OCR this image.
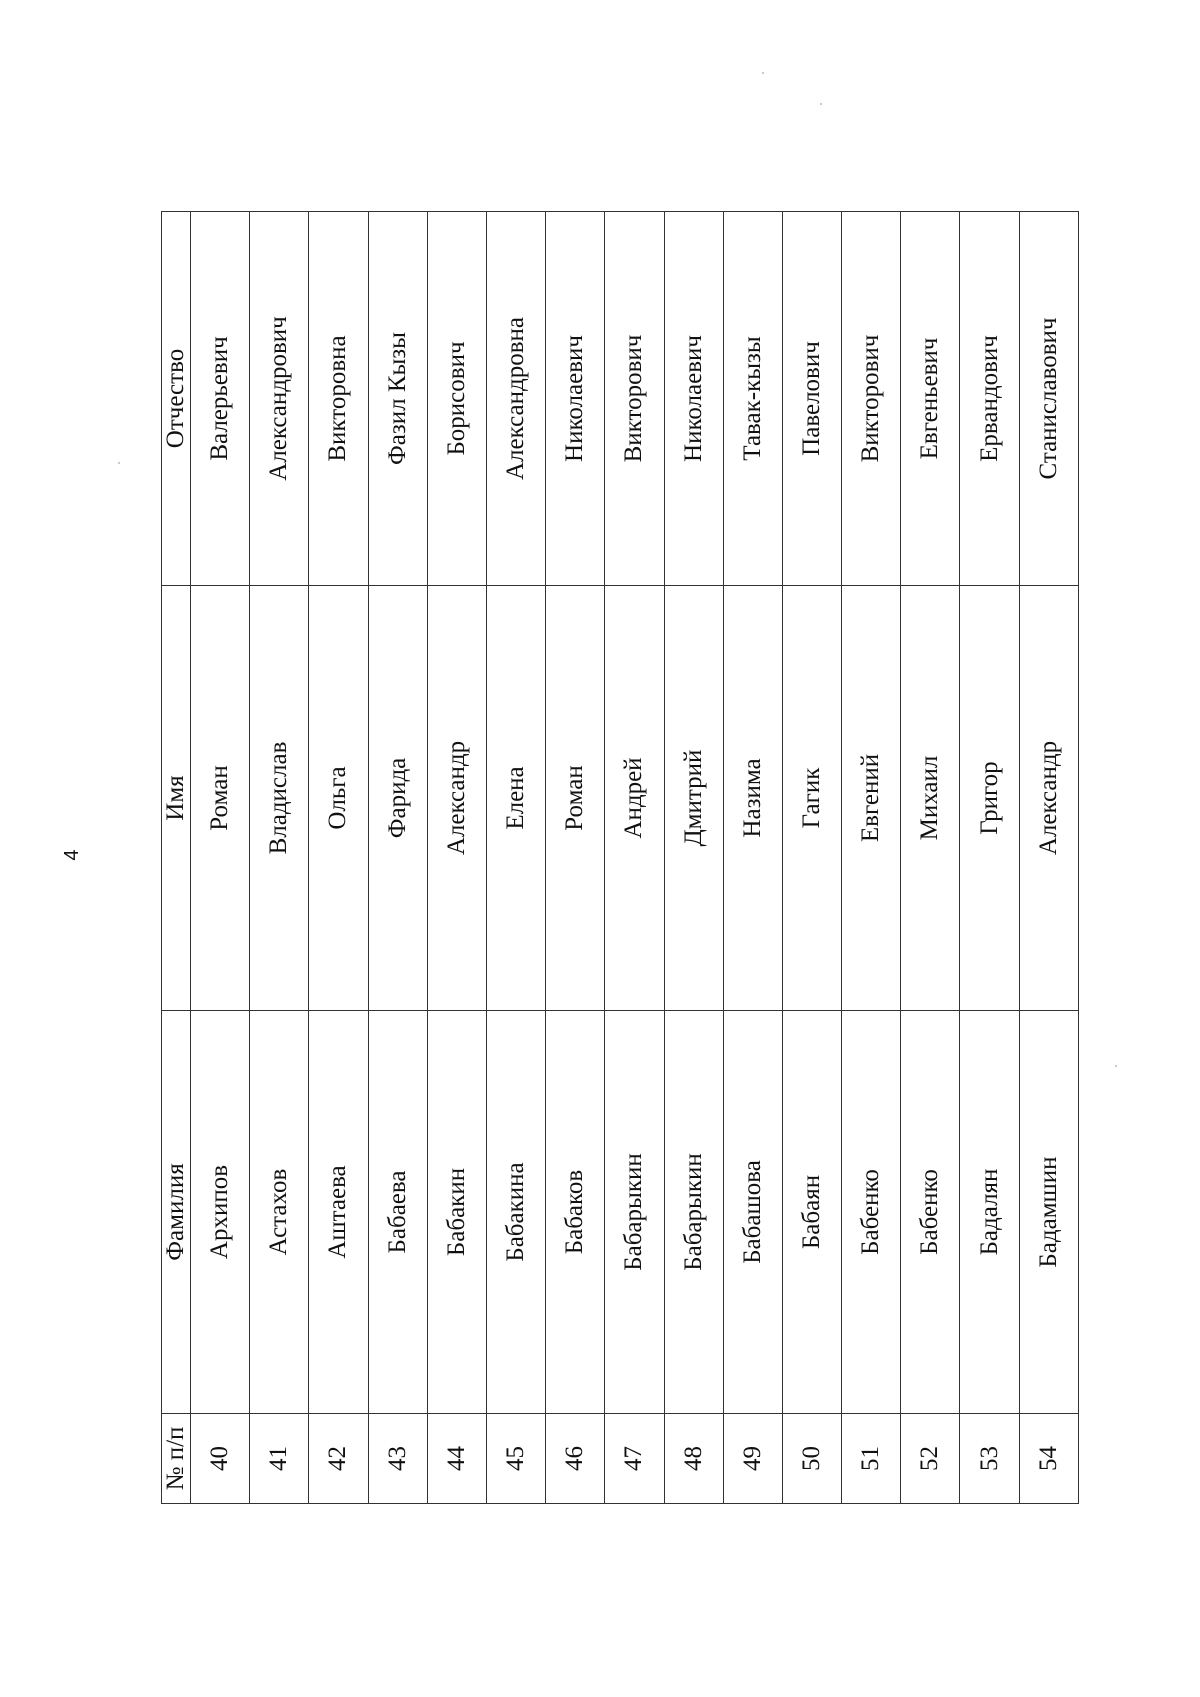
4
№ п/п	Фамилия	Имя	Отчество
40	Архипов	Роман	Валерьевич
41	Астахов	Владислав	Александрович
42	Аштаева	Ольга	Викторовна
43	Бабаева	Фарида	Фазил Кызы
44	Бабакин	Александр	Борисович
45	Бабакина	Елена	Александровна
46	Бабаков	Роман	Николаевич
47	Бабарыкин	Андрей	Викторович
48	Бабарыкин	Дмитрий	Николаевич
49	Бабашова	Назима	Тавак-кызы
50	Бабаян	Гагик	Павелович
51	Бабенко	Евгений	Викторович
52	Бабенко	Михаил	Евгеньевич
53	Бадалян	Григор	Ервандович
54	Бадамшин	Александр	Станиславович
